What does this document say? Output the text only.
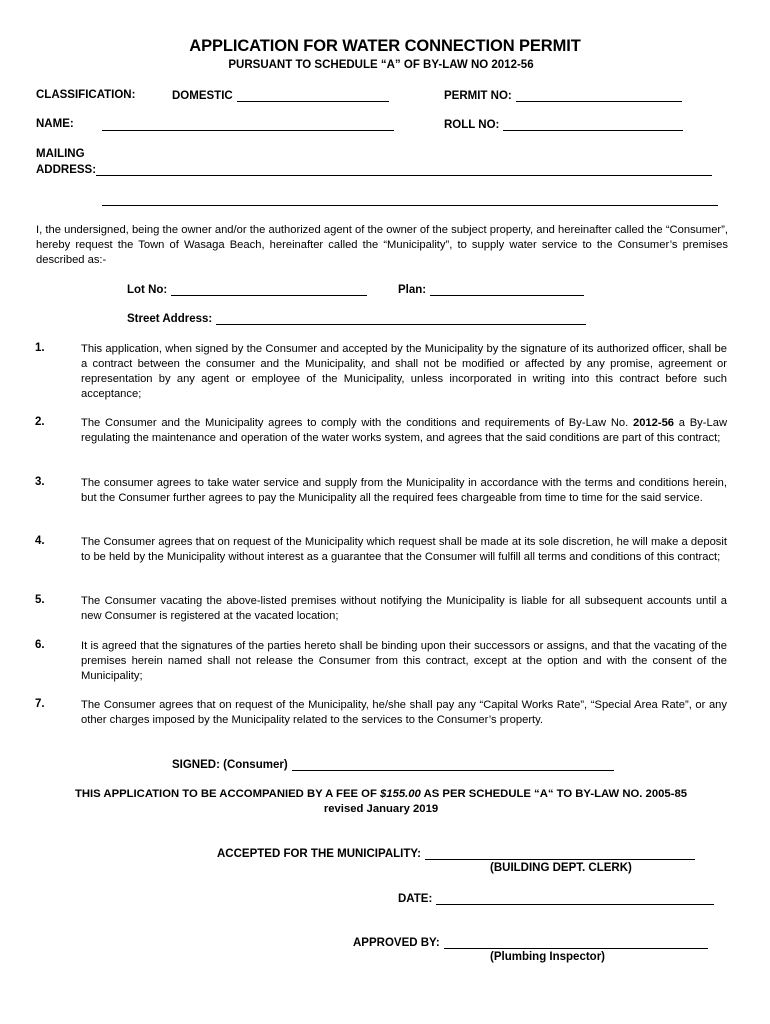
APPLICATION FOR WATER CONNECTION PERMIT
PURSUANT TO SCHEDULE “A” OF BY-LAW NO 2012-56
CLASSIFICATION:	DOMESTIC	PERMIT NO:
NAME:	ROLL NO:
MAILING
ADDRESS:
I, the undersigned, being the owner and/or the authorized agent of the owner of the subject property, and hereinafter called the “Consumer”, hereby request the Town of Wasaga Beach, hereinafter called the “Municipality”, to supply water service to the Consumer’s premises described as:-
Lot No:	Plan:
Street Address:
1.	This application, when signed by the Consumer and accepted by the Municipality by the signature of its authorized officer, shall be a contract between the consumer and the Municipality, and shall not be modified or affected by any promise, agreement or representation by any agent or employee of the Municipality, unless incorporated in writing into this contract before such acceptance;
2.	The Consumer and the Municipality agrees to comply with the conditions and requirements of By-Law No. 2012-56 a By-Law regulating the maintenance and operation of the water works system, and agrees that the said conditions are part of this contract;
3.	The consumer agrees to take water service and supply from the Municipality in accordance with the terms and conditions herein, but the Consumer further agrees to pay the Municipality all the required fees chargeable from time to time for the said service.
4.	The Consumer agrees that on request of the Municipality which request shall be made at its sole discretion, he will make a deposit to be held by the Municipality without interest as a guarantee that the Consumer will fulfill all terms and conditions of this contract;
5.	The Consumer vacating the above-listed premises without notifying the Municipality is liable for all subsequent accounts until a new Consumer is registered at the vacated location;
6.	It is agreed that the signatures of the parties hereto shall be binding upon their successors or assigns, and that the vacating of the premises herein named shall not release the Consumer from this contract, except at the option and with the consent of the Municipality;
7.	The Consumer agrees that on request of the Municipality, he/she shall pay any “Capital Works Rate”, “Special Area Rate”, or any other charges imposed by the Municipality related to the services to the Consumer’s property.
SIGNED: (Consumer)
THIS APPLICATION TO BE ACCOMPANIED BY A FEE OF $155.00 AS PER SCHEDULE “A“ TO BY-LAW NO. 2005-85
revised January 2019
ACCEPTED FOR THE MUNICIPALITY:
(BUILDING DEPT. CLERK)
DATE:
APPROVED BY:
(Plumbing Inspector)
